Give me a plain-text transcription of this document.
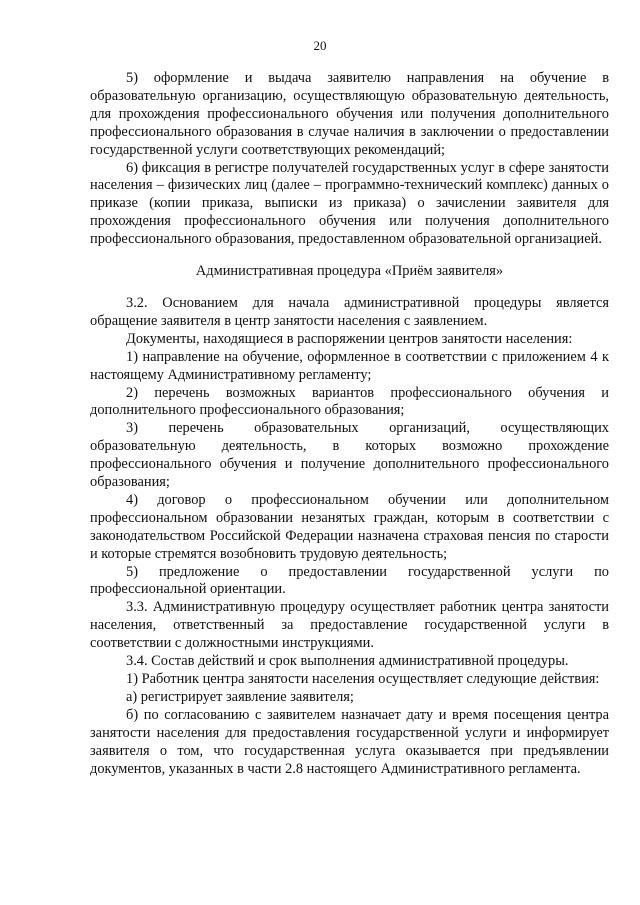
20

5) оформление и выдача заявителю направления на обучение в образовательную организацию, осуществляющую образовательную деятельность, для прохождения профессионального обучения или получения дополнительного профессионального образования в случае наличия в заключении о предоставлении государственной услуги соответствующих рекомендаций;

6) фиксация в регистре получателей государственных услуг в сфере занятости населения – физических лиц (далее – программно-технический комплекс) данных о приказе (копии приказа, выписки из приказа) о зачислении заявителя для прохождения профессионального обучения или получения дополнительного профессионального образования, предоставленном образовательной организацией.

Административная процедура «Приём заявителя»

3.2. Основанием для начала административной процедуры является обращение заявителя в центр занятости населения с заявлением.

Документы, находящиеся в распоряжении центров занятости населения:

1) направление на обучение, оформленное в соответствии с приложением 4 к настоящему Административному регламенту;

2) перечень возможных вариантов профессионального обучения и дополнительного профессионального образования;

3) перечень образовательных организаций, осуществляющих образовательную деятельность, в которых возможно прохождение профессионального обучения и получение дополнительного профессионального образования;

4) договор о профессиональном обучении или дополнительном профессиональном образовании незанятых граждан, которым в соответствии с законодательством Российской Федерации назначена страховая пенсия по старости и которые стремятся возобновить трудовую деятельность;

5) предложение о предоставлении государственной услуги по профессиональной ориентации.

3.3. Административную процедуру осуществляет работник центра занятости населения, ответственный за предоставление государственной услуги в соответствии с должностными инструкциями.

3.4. Состав действий и срок выполнения административной процедуры.

1) Работник центра занятости населения осуществляет следующие действия:

а) регистрирует заявление заявителя;

б) по согласованию с заявителем назначает дату и время посещения центра занятости населения для предоставления государственной услуги и информирует заявителя о том, что государственная услуга оказывается при предъявлении документов, указанных в части 2.8 настоящего Административного регламента.
